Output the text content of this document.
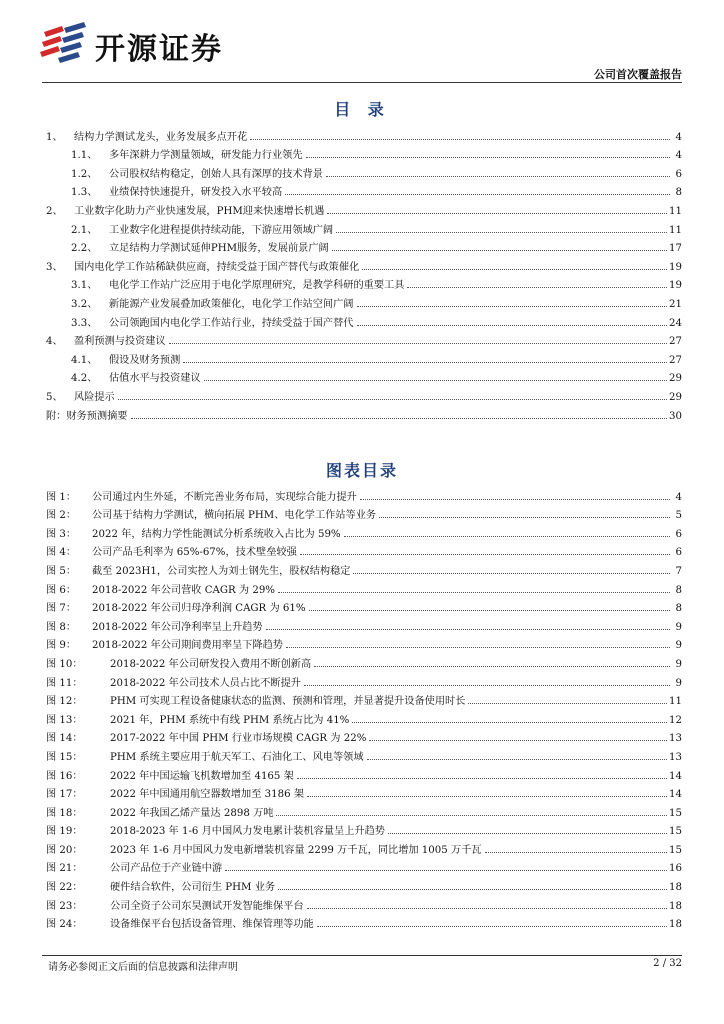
开源证券
公司首次覆盖报告
目 录
1、	结构力学测试龙头，业务发展多点开花	4
1.1、	多年深耕力学测量领域，研发能力行业领先	4
1.2、	公司股权结构稳定，创始人具有深厚的技术背景	6
1.3、	业绩保持快速提升，研发投入水平较高	8
2、	工业数字化助力产业快速发展，PHM迎来快速增长机遇	11
2.1、	工业数字化进程提供持续动能，下游应用领域广阔	11
2.2、	立足结构力学测试延伸PHM服务，发展前景广阔	17
3、	国内电化学工作站稀缺供应商，持续受益于国产替代与政策催化	19
3.1、	电化学工作站广泛应用于电化学原理研究，是教学科研的重要工具	19
3.2、	新能源产业发展叠加政策催化，电化学工作站空间广阔	21
3.3、	公司领跑国内电化学工作站行业，持续受益于国产替代	24
4、	盈利预测与投资建议	27
4.1、	假设及财务预测	27
4.2、	估值水平与投资建议	29
5、	风险提示	29
附： 财务预测摘要	30
图表目录
图 1：	公司通过内生外延，不断完善业务布局，实现综合能力提升	4
图 2：	公司基于结构力学测试，横向拓展 PHM、电化学工作站等业务	5
图 3：	2022 年，结构力学性能测试分析系统收入占比为 59%	6
图 4：	公司产品毛利率为 65%-67%，技术壁垒较强	6
图 5：	截至 2023H1，公司实控人为刘士钢先生，股权结构稳定	7
图 6：	2018-2022 年公司营收 CAGR 为 29%	8
图 7：	2018-2022 年公司归母净利润 CAGR 为 61%	8
图 8：	2018-2022 年公司净利率呈上升趋势	9
图 9：	2018-2022 年公司期间费用率呈下降趋势	9
图 10：	2018-2022 年公司研发投入费用不断创新高	9
图 11：	2018-2022 年公司技术人员占比不断提升	9
图 12：	PHM 可实现工程设备健康状态的监测、预测和管理，并显著提升设备使用时长	11
图 13：	2021 年，PHM 系统中有线 PHM 系统占比为 41%	12
图 14：	2017-2022 年中国 PHM 行业市场规模 CAGR 为 22%	13
图 15：	PHM 系统主要应用于航天军工、石油化工、风电等领域	13
图 16：	2022 年中国运输飞机数增加至 4165 架	14
图 17：	2022 年中国通用航空器数增加至 3186 架	14
图 18：	2022 年我国乙烯产量达 2898 万吨	15
图 19：	2018-2023 年 1-6 月中国风力发电累计装机容量呈上升趋势	15
图 20：	2023 年 1-6 月中国风力发电新增装机容量 2299 万千瓦，同比增加 1005 万千瓦	15
图 21：	公司产品位于产业链中游	16
图 22：	硬件结合软件，公司衍生 PHM 业务	18
图 23：	公司全资子公司东昊测试开发智能维保平台	18
图 24：	设备维保平台包括设备管理、维保管理等功能	18
请务必参阅正文后面的信息披露和法律声明	2 / 32
